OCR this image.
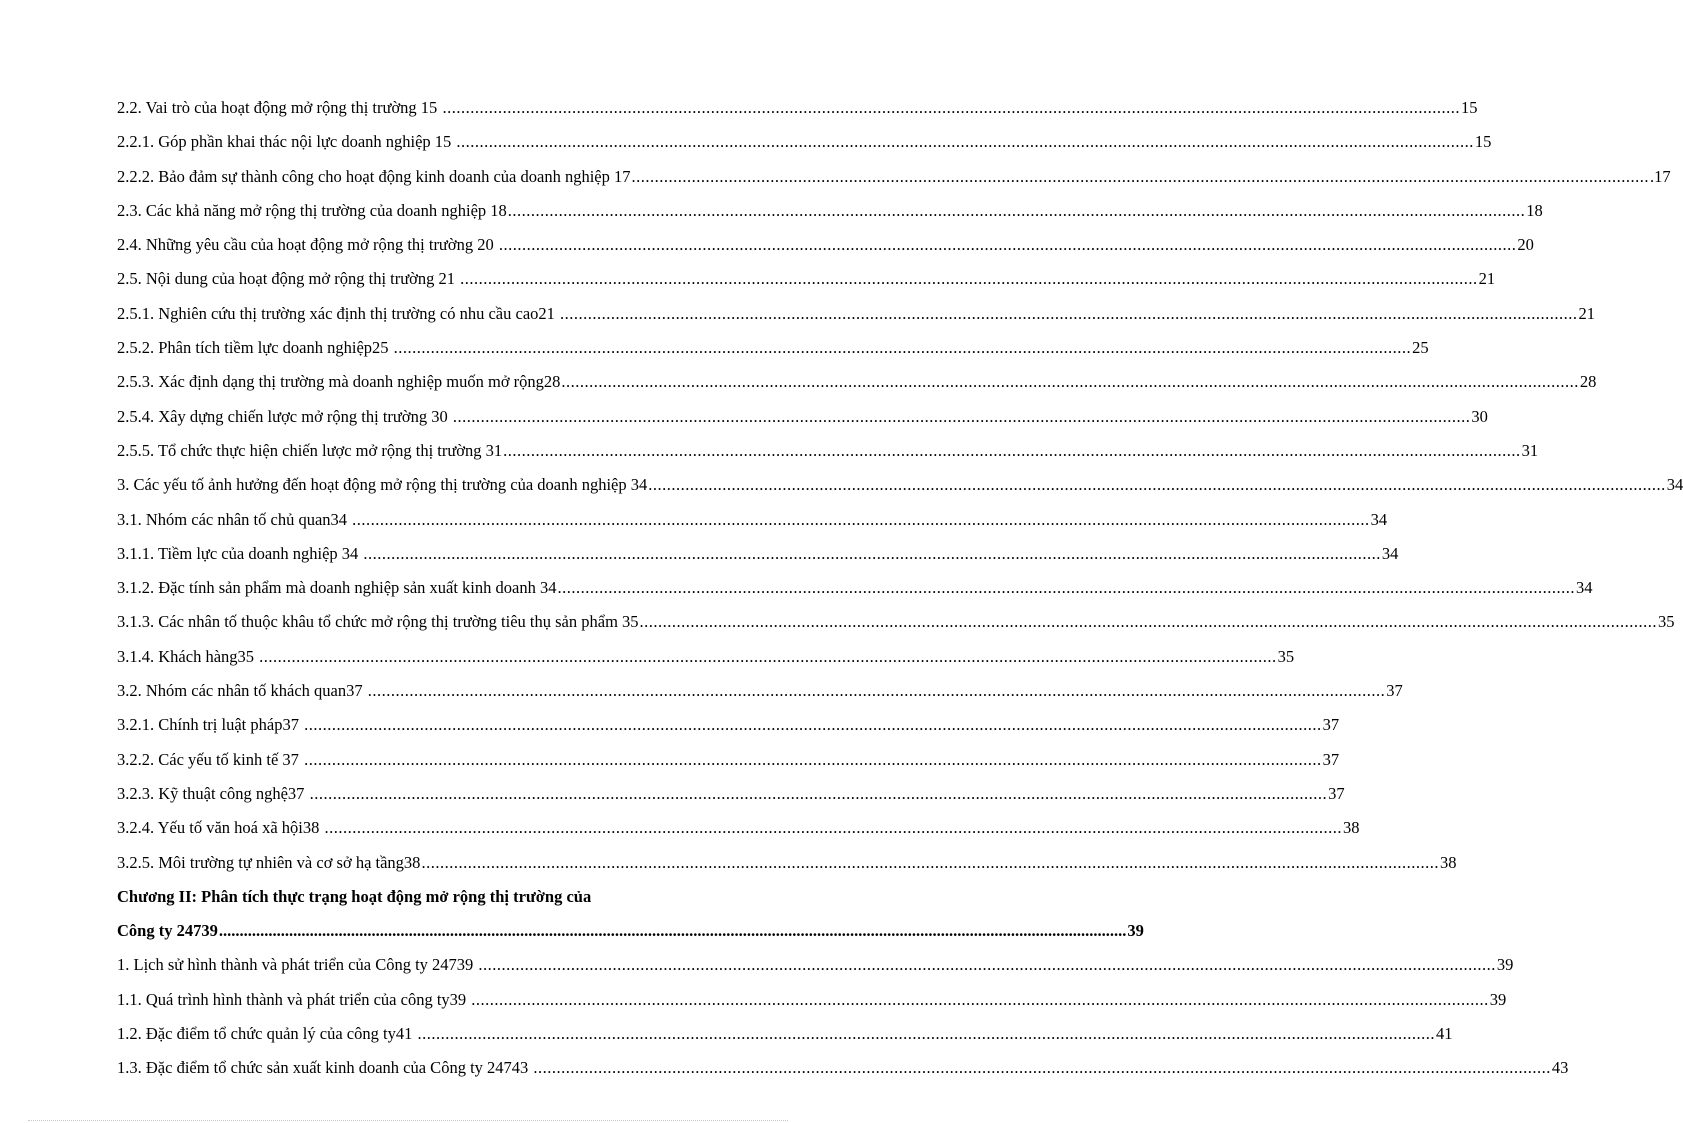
2.2. Vai trò của hoạt động mở rộng thị trường 15 ............................................................................................................................................................................................................................ 15
2.2.1. Góp phần khai thác nội lực doanh nghiệp 15 ............................................................................................................................................................................................................................ 15
2.2.2. Bảo đảm sự thành công cho hoạt động kinh doanh của doanh nghiệp 17 ............................................................................................................................................................................................................................ .17
2.3. Các khả năng mở rộng thị trường của doanh nghiệp 18 ............................................................................................................................................................................................................................ 18
2.4. Những yêu cầu của hoạt động mở rộng thị trường 20 ............................................................................................................................................................................................................................ 20
2.5. Nội dung của hoạt động mở rộng thị trường 21 ............................................................................................................................................................................................................................ 21
2.5.1. Nghiên cứu thị trường xác định thị trường có nhu cầu cao21 ............................................................................................................................................................................................................................ 21
2.5.2. Phân tích tiềm lực doanh nghiệp25 ............................................................................................................................................................................................................................ 25
2.5.3. Xác định dạng thị trường mà doanh nghiệp muốn mở rộng28 ............................................................................................................................................................................................................................ 28
2.5.4. Xây dựng chiến lược mở rộng thị trường 30 ............................................................................................................................................................................................................................ 30
2.5.5. Tổ chức thực hiện chiến lược mở rộng thị trường 31 ............................................................................................................................................................................................................................ 31
3. Các yếu tố ảnh hưởng đến hoạt động mở rộng thị trường của doanh nghiệp 34 ............................................................................................................................................................................................................................ 34
3.1. Nhóm các nhân tố chủ quan34 ............................................................................................................................................................................................................................ 34
3.1.1. Tiềm lực của doanh nghiệp 34 ............................................................................................................................................................................................................................ 34
3.1.2. Đặc tính sản phẩm mà doanh nghiệp sản xuất kinh doanh 34 ............................................................................................................................................................................................................................ 34
3.1.3. Các nhân tố thuộc khâu tổ chức mở rộng thị trường tiêu thụ sản phẩm 35 ............................................................................................................................................................................................................................ 35
3.1.4. Khách hàng35 ............................................................................................................................................................................................................................ 35
3.2. Nhóm các nhân tố khách quan37 ............................................................................................................................................................................................................................ 37
3.2.1. Chính trị luật pháp37 ............................................................................................................................................................................................................................ 37
3.2.2. Các yếu tố kinh tế 37 ............................................................................................................................................................................................................................ 37
3.2.3. Kỹ thuật công nghệ37 ............................................................................................................................................................................................................................ 37
3.2.4. Yếu tố văn hoá xã hội38 ............................................................................................................................................................................................................................ 38
3.2.5. Môi trường tự nhiên và cơ sở hạ tầng38 ............................................................................................................................................................................................................................ 38
Chương II: Phân tích thực trạng hoạt động mở rộng thị trường của
Công ty 24739 ............................................................................................................................................................................................................................ 39
1. Lịch sử hình thành và phát triển của Công ty 24739 ............................................................................................................................................................................................................................ 39
1.1. Quá trình hình thành và phát triển của công ty39 ............................................................................................................................................................................................................................ 39
1.2. Đặc điểm tổ chức quản lý của công ty41 ............................................................................................................................................................................................................................ 41
1.3. Đặc điểm tổ chức sản xuất kinh doanh của Công ty 24743 ............................................................................................................................................................................................................................ 43
